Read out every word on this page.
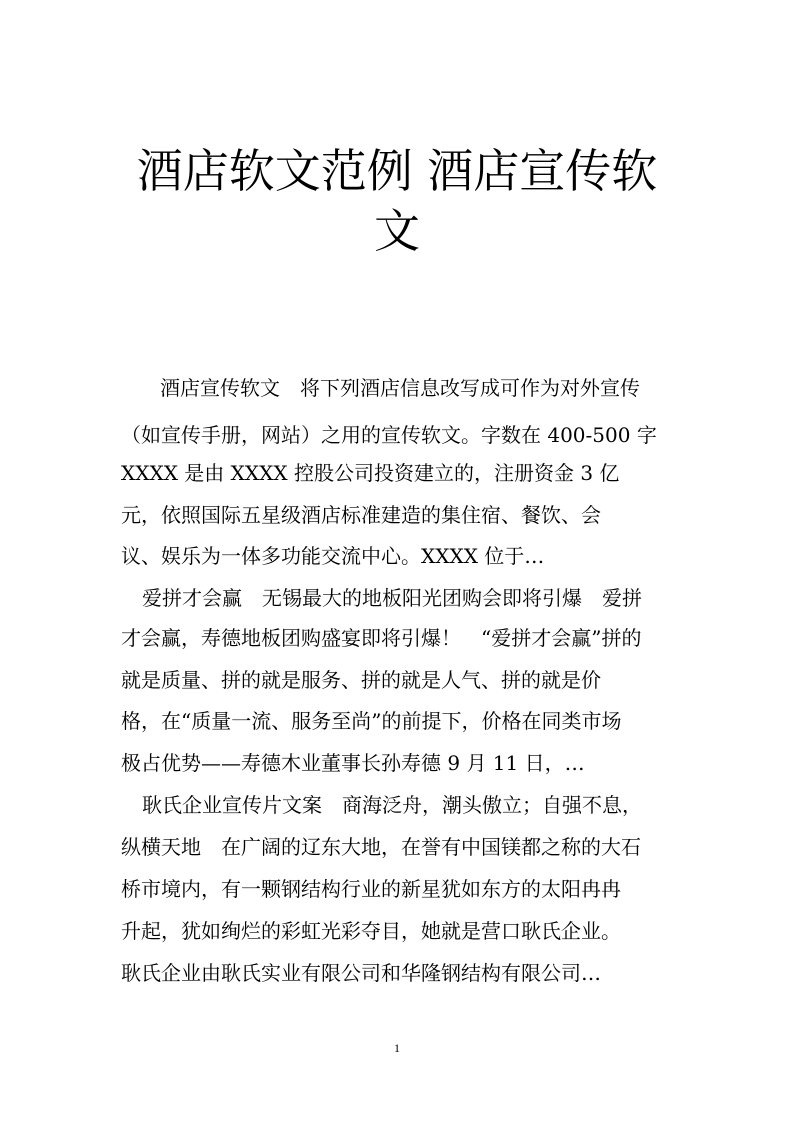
酒店软文范例 酒店宣传软
文

酒店宣传软文　将下列酒店信息改写成可作为对外宣传

（如宣传手册，网站）之用的宣传软文。字数在 400-500 字

XXXX 是由 XXXX 控股公司投资建立的，注册资金 3 亿

元，依照国际五星级酒店标准建造的集住宿、餐饮、会

议、娱乐为一体多功能交流中心。XXXX 位于…

爱拼才会赢　无锡最大的地板阳光团购会即将引爆　爱拼

才会赢，寿德地板团购盛宴即将引爆！　“爱拼才会赢”拼的

就是质量、拼的就是服务、拼的就是人气、拼的就是价

格，在“质量一流、服务至尚”的前提下，价格在同类市场

极占优势——寿德木业董事长孙寿德 9 月 11 日，…

耿氏企业宣传片文案　商海泛舟，潮头傲立；自强不息，

纵横天地　在广阔的辽东大地，在誉有中国镁都之称的大石

桥市境内，有一颗钢结构行业的新星犹如东方的太阳冉冉

升起，犹如绚烂的彩虹光彩夺目，她就是营口耿氏企业。

耿氏企业由耿氏实业有限公司和华隆钢结构有限公司…

1
